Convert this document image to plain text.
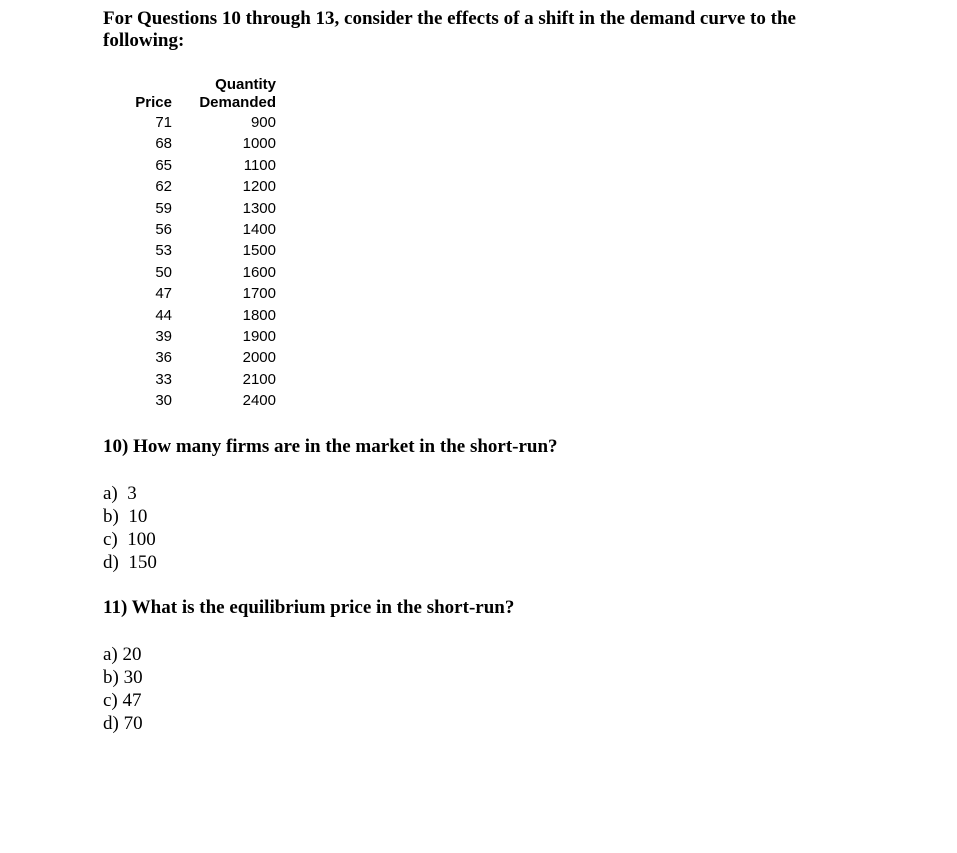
For Questions 10 through 13, consider the effects of a shift in the demand curve to the following:
Price	Quantity
Demanded
71	900
68	1000
65	1100
62	1200
59	1300
56	1400
53	1500
50	1600
47	1700
44	1800
39	1900
36	2000
33	2100
30	2400
10) How many firms are in the market in the short-run?
a)  3
b)  10
c)  100
d)  150
11) What is the equilibrium price in the short-run?
a) 20
b) 30
c) 47
d) 70
